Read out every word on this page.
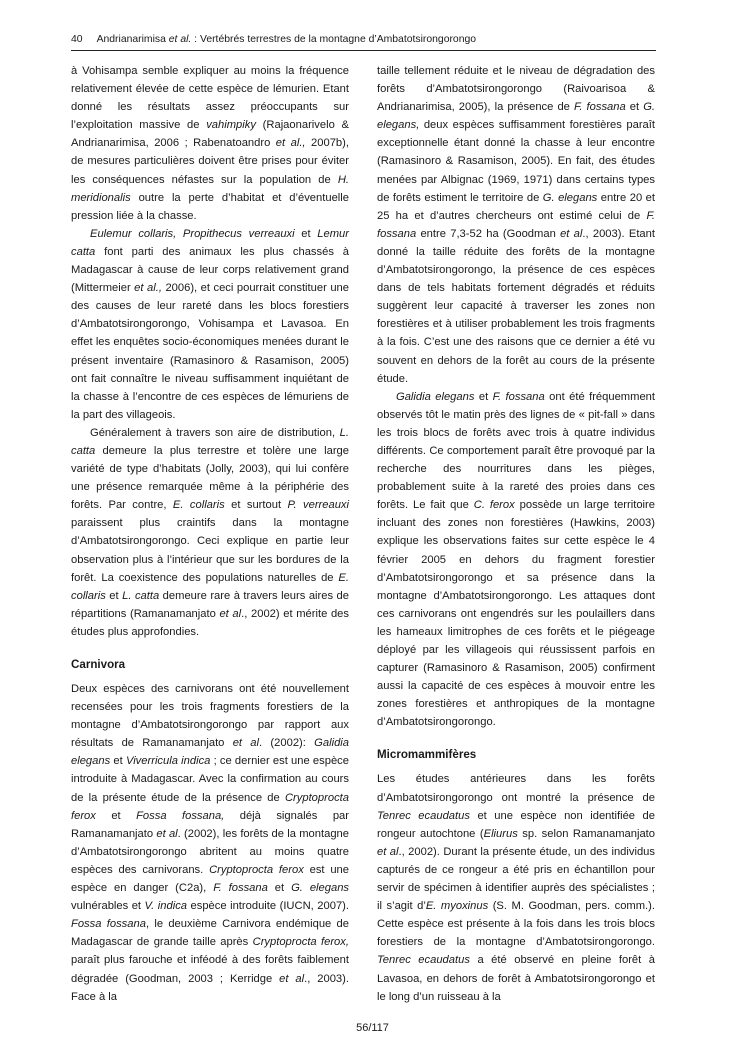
40 Andrianarimisa et al. : Vertébrés terrestres de la montagne d’Ambatotsirongorongo

à Vohisampa semble expliquer au moins la fréquence relativement élevée de cette espèce de lémurien. Etant donné les résultats assez préoccupants sur l’exploitation massive de vahimpiky (Rajaonarivelo & Andrianarimisa, 2006 ; Rabenatoandro et al., 2007b), de mesures particulières doivent être prises pour éviter les conséquences néfastes sur la population de H. meridionalis outre la perte d’habitat et d’éventuelle pression liée à la chasse.

Eulemur collaris, Propithecus verreauxi et Lemur catta font parti des animaux les plus chassés à Madagascar à cause de leur corps relativement grand (Mittermeier et al., 2006), et ceci pourrait constituer une des causes de leur rareté dans les blocs forestiers d’Ambatotsirongorongo, Vohisampa et Lavasoa. En effet les enquêtes socio-économiques menées durant le présent inventaire (Ramasinoro & Rasamison, 2005) ont fait connaître le niveau suffisamment inquiétant de la chasse à l’encontre de ces espèces de lémuriens de la part des villageois.

Généralement à travers son aire de distribution, L. catta demeure la plus terrestre et tolère une large variété de type d’habitats (Jolly, 2003), qui lui confère une présence remarquée même à la périphérie des forêts. Par contre, E. collaris et surtout P. verreauxi paraissent plus craintifs dans la montagne d’Ambatotsirongorongo. Ceci explique en partie leur observation plus à l’intérieur que sur les bordures de la forêt. La coexistence des populations naturelles de E. collaris et L. catta demeure rare à travers leurs aires de répartitions (Ramanamanjato et al., 2002) et mérite des études plus approfondies.

Carnivora

Deux espèces des carnivorans ont été nouvellement recensées pour les trois fragments forestiers de la montagne d’Ambatotsirongorongo par rapport aux résultats de Ramanamanjato et al. (2002): Galidia elegans et Viverricula indica ; ce dernier est une espèce introduite à Madagascar. Avec la confirmation au cours de la présente étude de la présence de Cryptoprocta ferox et Fossa fossana, déjà signalés par Ramanamanjato et al. (2002), les forêts de la montagne d’Ambatotsirongorongo abritent au moins quatre espèces des carnivorans. Cryptoprocta ferox est une espèce en danger (C2a), F. fossana et G. elegans vulnérables et V. indica espèce introduite (IUCN, 2007). Fossa fossana, le deuxième Carnivora endémique de Madagascar de grande taille après Cryptoprocta ferox, paraît plus farouche et inféodé à des forêts faiblement dégradée (Goodman, 2003 ; Kerridge et al., 2003). Face à la

taille tellement réduite et le niveau de dégradation des forêts d’Ambatotsirongorongo (Raivoarisoa & Andrianarimisa, 2005), la présence de F. fossana et G. elegans, deux espèces suffisamment forestières paraît exceptionnelle étant donné la chasse à leur encontre (Ramasinoro & Rasamison, 2005). En fait, des études menées par Albignac (1969, 1971) dans certains types de forêts estiment le territoire de G. elegans entre 20 et 25 ha et d’autres chercheurs ont estimé celui de F. fossana entre 7,3-52 ha (Goodman et al., 2003). Etant donné la taille réduite des forêts de la montagne d’Ambatotsirongorongo, la présence de ces espèces dans de tels habitats fortement dégradés et réduits suggèrent leur capacité à traverser les zones non forestières et à utiliser probablement les trois fragments à la fois. C’est une des raisons que ce dernier a été vu souvent en dehors de la forêt au cours de la présente étude.

Galidia elegans et F. fossana ont été fréquemment observés tôt le matin près des lignes de « pit-fall » dans les trois blocs de forêts avec trois à quatre individus différents. Ce comportement paraît être provoqué par la recherche des nourritures dans les pièges, probablement suite à la rareté des proies dans ces forêts. Le fait que C. ferox possède un large territoire incluant des zones non forestières (Hawkins, 2003) explique les observations faites sur cette espèce le 4 février 2005 en dehors du fragment forestier d’Ambatotsirongorongo et sa présence dans la montagne d’Ambatotsirongorongo. Les attaques dont ces carnivorans ont engendrés sur les poulaillers dans les hameaux limitrophes de ces forêts et le piégeage déployé par les villageois qui réussissent parfois en capturer (Ramasinoro & Rasamison, 2005) confirment aussi la capacité de ces espèces à mouvoir entre les zones forestières et anthropiques de la montagne d’Ambatotsirongorongo.

Micromammifères

Les études antérieures dans les forêts d’Ambatotsirongorongo ont montré la présence de Tenrec ecaudatus et une espèce non identifiée de rongeur autochtone (Eliurus sp. selon Ramanamanjato et al., 2002). Durant la présente étude, un des individus capturés de ce rongeur a été pris en échantillon pour servir de spécimen à identifier auprès des spécialistes ; il s’agit d’E. myoxinus (S. M. Goodman, pers. comm.). Cette espèce est présente à la fois dans les trois blocs forestiers de la montagne d’Ambatotsirongorongo. Tenrec ecaudatus a été observé en pleine forêt à Lavasoa, en dehors de forêt à Ambatotsirongorongo et le long d’un ruisseau à la

56/117
